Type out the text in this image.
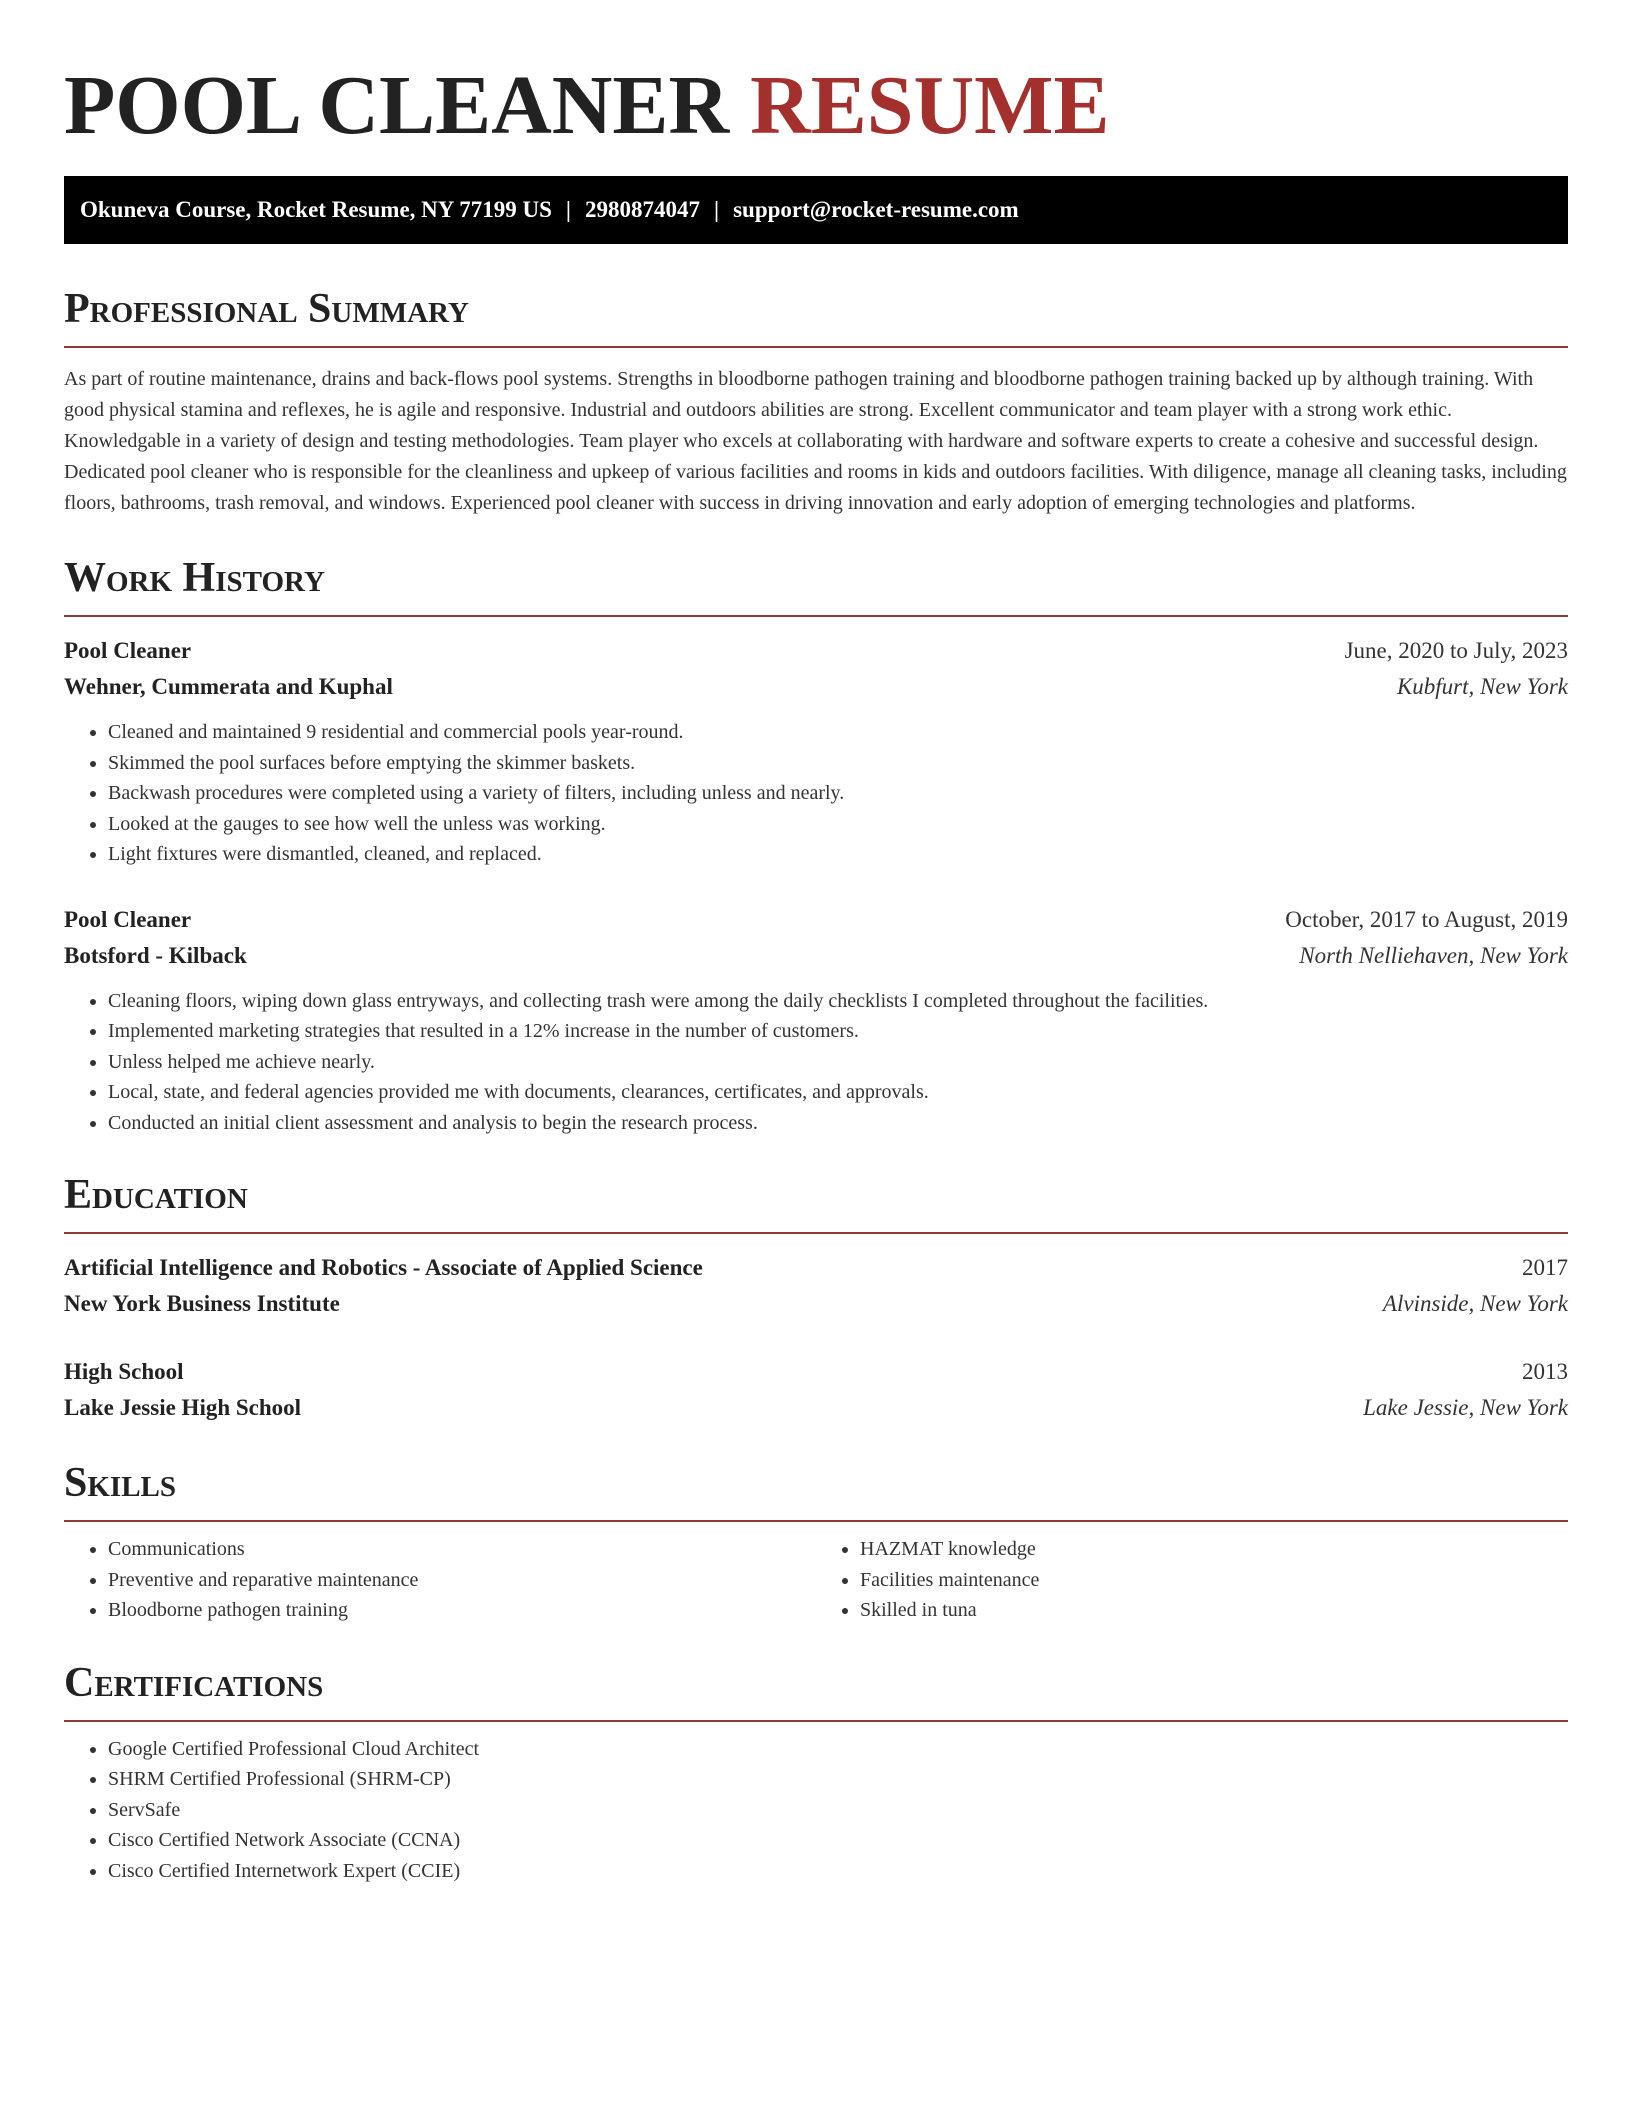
POOL CLEANER RESUME
Okuneva Course, Rocket Resume, NY 77199 US | 2980874047 | support@rocket-resume.com
Professional Summary

As part of routine maintenance, drains and back-flows pool systems. Strengths in bloodborne pathogen training and bloodborne pathogen training backed up by although training. With good physical stamina and reflexes, he is agile and responsive. Industrial and outdoors abilities are strong. Excellent communicator and team player with a strong work ethic. Knowledgable in a variety of design and testing methodologies. Team player who excels at collaborating with hardware and software experts to create a cohesive and successful design. Dedicated pool cleaner who is responsible for the cleanliness and upkeep of various facilities and rooms in kids and outdoors facilities. With diligence, manage all cleaning tasks, including floors, bathrooms, trash removal, and windows. Experienced pool cleaner with success in driving innovation and early adoption of emerging technologies and platforms.

Work History
Pool Cleaner	June, 2020 to July, 2023
Wehner, Cummerata and Kuphal	Kubfurt, New York
• Cleaned and maintained 9 residential and commercial pools year-round.
• Skimmed the pool surfaces before emptying the skimmer baskets.
• Backwash procedures were completed using a variety of filters, including unless and nearly.
• Looked at the gauges to see how well the unless was working.
• Light fixtures were dismantled, cleaned, and replaced.
Pool Cleaner	October, 2017 to August, 2019
Botsford - Kilback	North Nelliehaven, New York
• Cleaning floors, wiping down glass entryways, and collecting trash were among the daily checklists I completed throughout the facilities.
• Implemented marketing strategies that resulted in a 12% increase in the number of customers.
• Unless helped me achieve nearly.
• Local, state, and federal agencies provided me with documents, clearances, certificates, and approvals.
• Conducted an initial client assessment and analysis to begin the research process.
Education
Artificial Intelligence and Robotics - Associate of Applied Science	2017
New York Business Institute	Alvinside, New York
High School	2013
Lake Jessie High School	Lake Jessie, New York
Skills
• Communications
• Preventive and reparative maintenance
• Bloodborne pathogen training
• HAZMAT knowledge
• Facilities maintenance
• Skilled in tuna
Certifications
• Google Certified Professional Cloud Architect
• SHRM Certified Professional (SHRM-CP)
• ServSafe
• Cisco Certified Network Associate (CCNA)
• Cisco Certified Internetwork Expert (CCIE)
